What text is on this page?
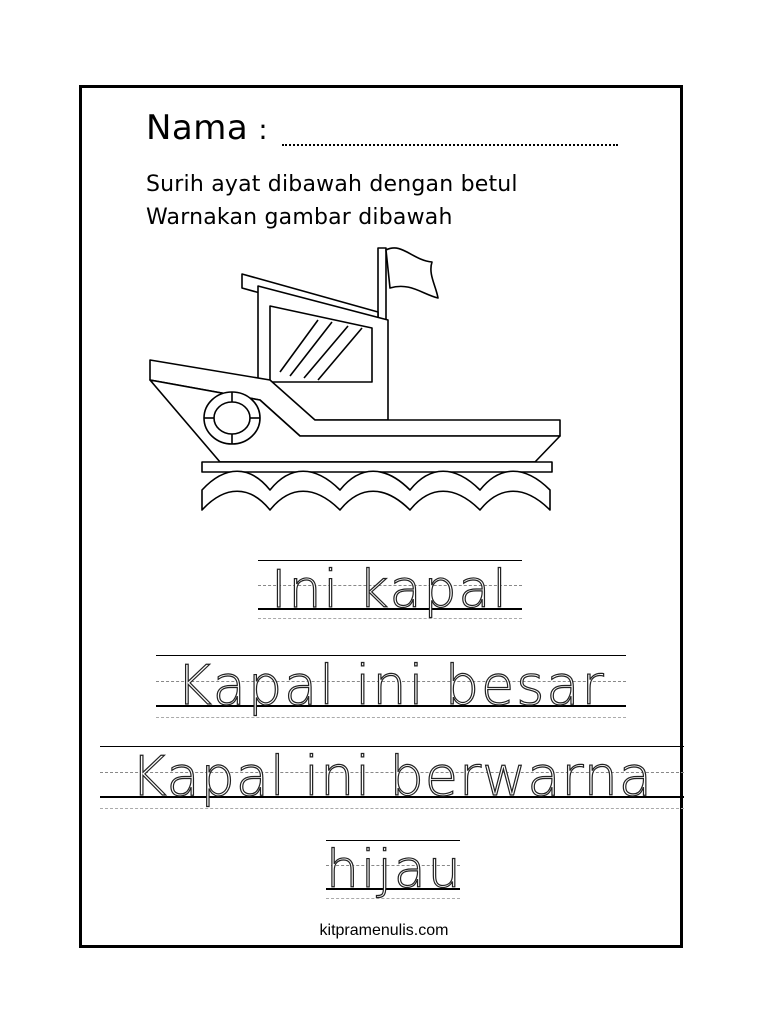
Nama :
Surih ayat dibawah dengan betul
Warnakan gambar dibawah
Ini kapal
Kapal ini besar
Kapal ini berwarna
hijau
kitpramenulis.com
